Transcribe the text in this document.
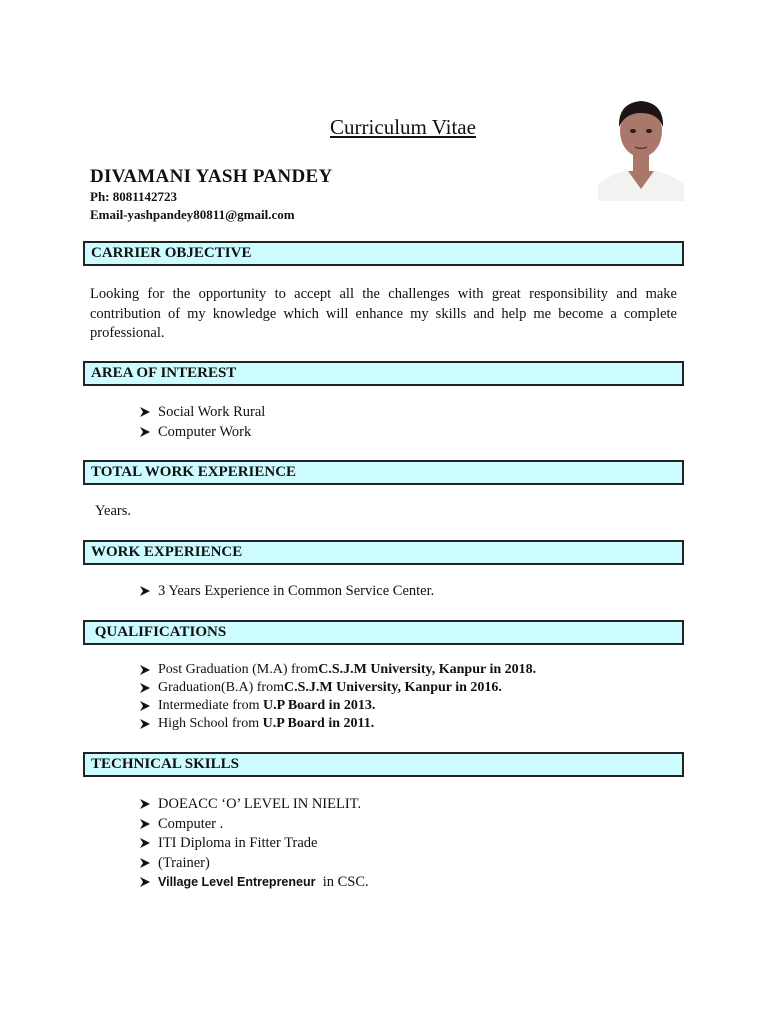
Curriculum Vitae
DIVAMANI YASH PANDEY
Ph: 8081142723
Email-yashpandey80811@gmail.com
CARRIER OBJECTIVE
Looking for the opportunity to accept all the challenges with great responsibility and make contribution of my knowledge which will enhance my skills and help me become a complete professional.
AREA OF INTEREST
Social Work Rural
Computer Work
TOTAL WORK EXPERIENCE
Years.
WORK EXPERIENCE
3 Years Experience in Common Service Center.
QUALIFICATIONS
Post Graduation (M.A) fromC.S.J.M University, Kanpur in 2018.
Graduation(B.A) fromC.S.J.M University, Kanpur in 2016.
Intermediate from U.P Board in 2013.
High School from U.P Board in 2011.
TECHNICAL SKILLS
DOEACC ‘O’ LEVEL IN NIELIT.
Computer .
ITI Diploma in Fitter Trade
(Trainer)
Village Level Entrepreneur  in CSC.
